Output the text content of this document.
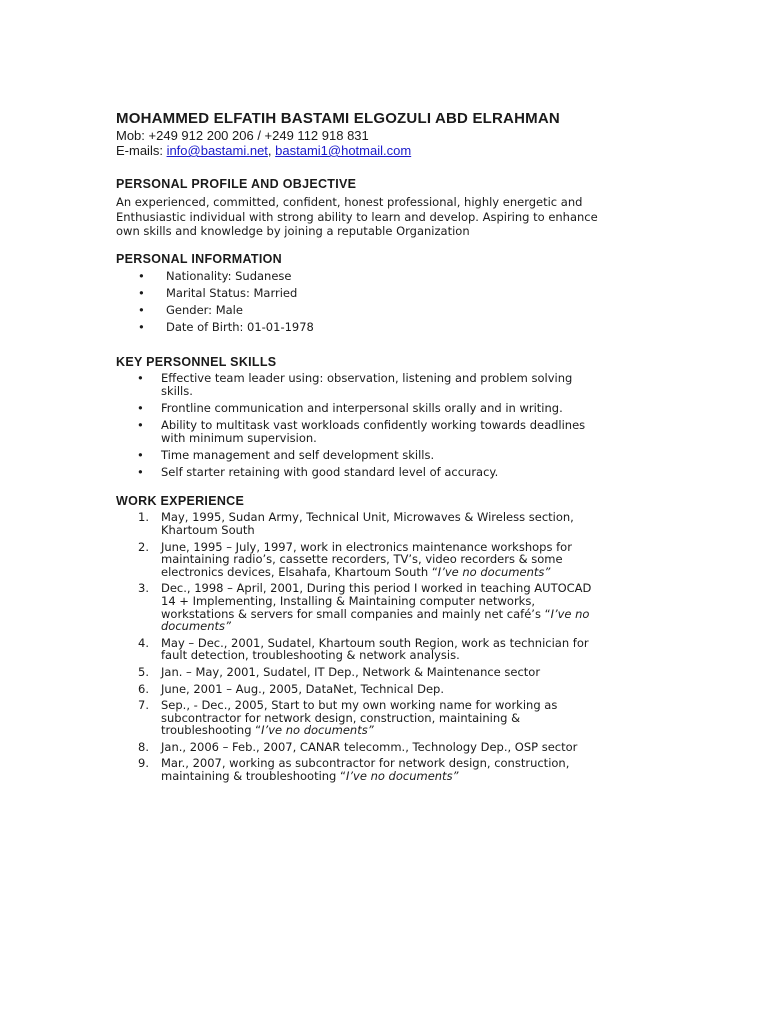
MOHAMMED ELFATIH BASTAMI ELGOZULI ABD ELRAHMAN

Mob: +249 912 200 206 / +249 112 918 831

E-mails: info@bastami.net, bastami1@hotmail.com

PERSONAL PROFILE AND OBJECTIVE

An experienced, committed, confident, honest professional, highly energetic and

Enthusiastic individual with strong ability to learn and develop. Aspiring to enhance

own skills and knowledge by joining a reputable Organization

PERSONAL INFORMATION

• Nationality: Sudanese
• Marital Status: Married
• Gender: Male
• Date of Birth: 01-01-1978

KEY PERSONNEL SKILLS

• Effective team leader using: observation, listening and problem solving
skills.
• Frontline communication and interpersonal skills orally and in writing.
• Ability to multitask vast workloads confidently working towards deadlines
with minimum supervision.
• Time management and self development skills.
• Self starter retaining with good standard level of accuracy.

WORK EXPERIENCE

1. May, 1995, Sudan Army, Technical Unit, Microwaves & Wireless section,
Khartoum South
2. June, 1995 – July, 1997, work in electronics maintenance workshops for
maintaining radio’s, cassette recorders, TV’s, video recorders & some
electronics devices, Elsahafa, Khartoum South “I’ve no documents”
3. Dec., 1998 – April, 2001, During this period I worked in teaching AUTOCAD
14 + Implementing, Installing & Maintaining computer networks,
workstations & servers for small companies and mainly net café’s “I’ve no
documents”
4. May – Dec., 2001, Sudatel, Khartoum south Region, work as technician for
fault detection, troubleshooting & network analysis.
5. Jan. – May, 2001, Sudatel, IT Dep., Network & Maintenance sector
6. June, 2001 – Aug., 2005, DataNet, Technical Dep.
7. Sep., - Dec., 2005, Start to but my own working name for working as
subcontractor for network design, construction, maintaining &
troubleshooting “I’ve no documents”
8. Jan., 2006 – Feb., 2007, CANAR telecomm., Technology Dep., OSP sector
9. Mar., 2007, working as subcontractor for network design, construction,
maintaining & troubleshooting “I’ve no documents”
